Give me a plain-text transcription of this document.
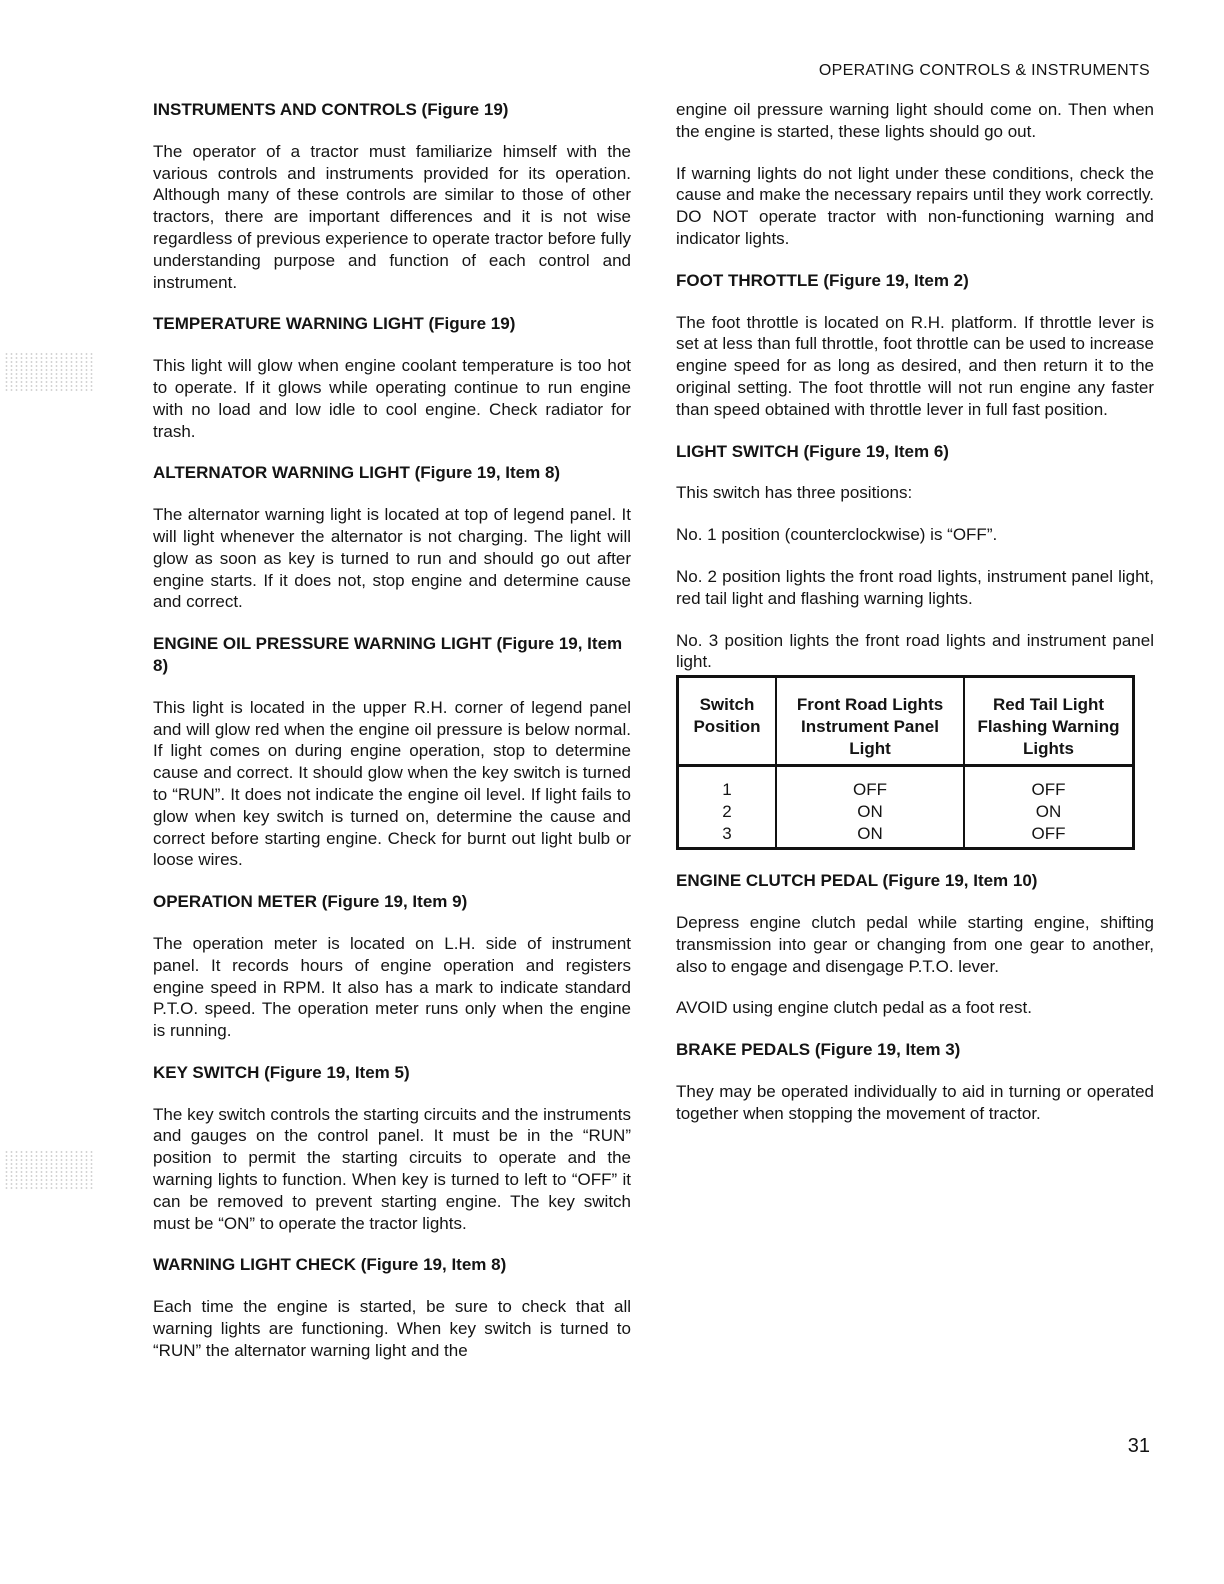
OPERATING CONTROLS & INSTRUMENTS
INSTRUMENTS AND CONTROLS (Figure 19)
The operator of a tractor must familiarize himself with the various controls and instruments provided for its operation. Although many of these controls are similar to those of other tractors, there are important differences and it is not wise regardless of previous experience to operate tractor before fully understanding purpose and function of each control and instrument.
TEMPERATURE WARNING LIGHT (Figure 19)
This light will glow when engine coolant temperature is too hot to operate. If it glows while operating continue to run engine with no load and low idle to cool engine. Check radiator for trash.
ALTERNATOR WARNING LIGHT (Figure 19, Item 8)
The alternator warning light is located at top of legend panel. It will light whenever the alternator is not charging. The light will glow as soon as key is turned to run and should go out after engine starts. If it does not, stop engine and determine cause and correct.
ENGINE OIL PRESSURE WARNING LIGHT (Figure 19, Item 8)
This light is located in the upper R.H. corner of legend panel and will glow red when the engine oil pressure is below normal. If light comes on during engine operation, stop to determine cause and correct. It should glow when the key switch is turned to “RUN”. It does not indicate the engine oil level. If light fails to glow when key switch is turned on, determine the cause and correct before starting engine. Check for burnt out light bulb or loose wires.
OPERATION METER (Figure 19, Item 9)
The operation meter is located on L.H. side of instrument panel. It records hours of engine operation and registers engine speed in RPM. It also has a mark to indicate standard P.T.O. speed. The operation meter runs only when the engine is running.
KEY SWITCH (Figure 19, Item 5)
The key switch controls the starting circuits and the instruments and gauges on the control panel. It must be in the “RUN” position to permit the starting circuits to operate and the warning lights to function. When key is turned to left to “OFF” it can be removed to prevent starting engine. The key switch must be “ON” to operate the tractor lights.
WARNING LIGHT CHECK (Figure 19, Item 8)
Each time the engine is started, be sure to check that all warning lights are functioning. When key switch is turned to “RUN” the alternator warning light and the
engine oil pressure warning light should come on. Then when the engine is started, these lights should go out.
If warning lights do not light under these conditions, check the cause and make the necessary repairs until they work correctly. DO NOT operate tractor with non-functioning warning and indicator lights.
FOOT THROTTLE (Figure 19, Item 2)
The foot throttle is located on R.H. platform. If throttle lever is set at less than full throttle, foot throttle can be used to increase engine speed for as long as desired, and then return it to the original setting. The foot throttle will not run engine any faster than speed obtained with throttle lever in full fast position.
LIGHT SWITCH (Figure 19, Item 6)
This switch has three positions:
No. 1 position (counterclockwise) is “OFF”.
No. 2 position lights the front road lights, instrument panel light, red tail light and flashing warning lights.
No. 3 position lights the front road lights and instrument panel light.
Switch Position	Front Road Lights Instrument Panel Light	Red Tail Light Flashing Warning Lights
1	OFF	OFF
2	ON	ON
3	ON	OFF
ENGINE CLUTCH PEDAL (Figure 19, Item 10)
Depress engine clutch pedal while starting engine, shifting transmission into gear or changing from one gear to another, also to engage and disengage P.T.O. lever.
AVOID using engine clutch pedal as a foot rest.
BRAKE PEDALS (Figure 19, Item 3)
They may be operated individually to aid in turning or operated together when stopping the movement of tractor.
31
